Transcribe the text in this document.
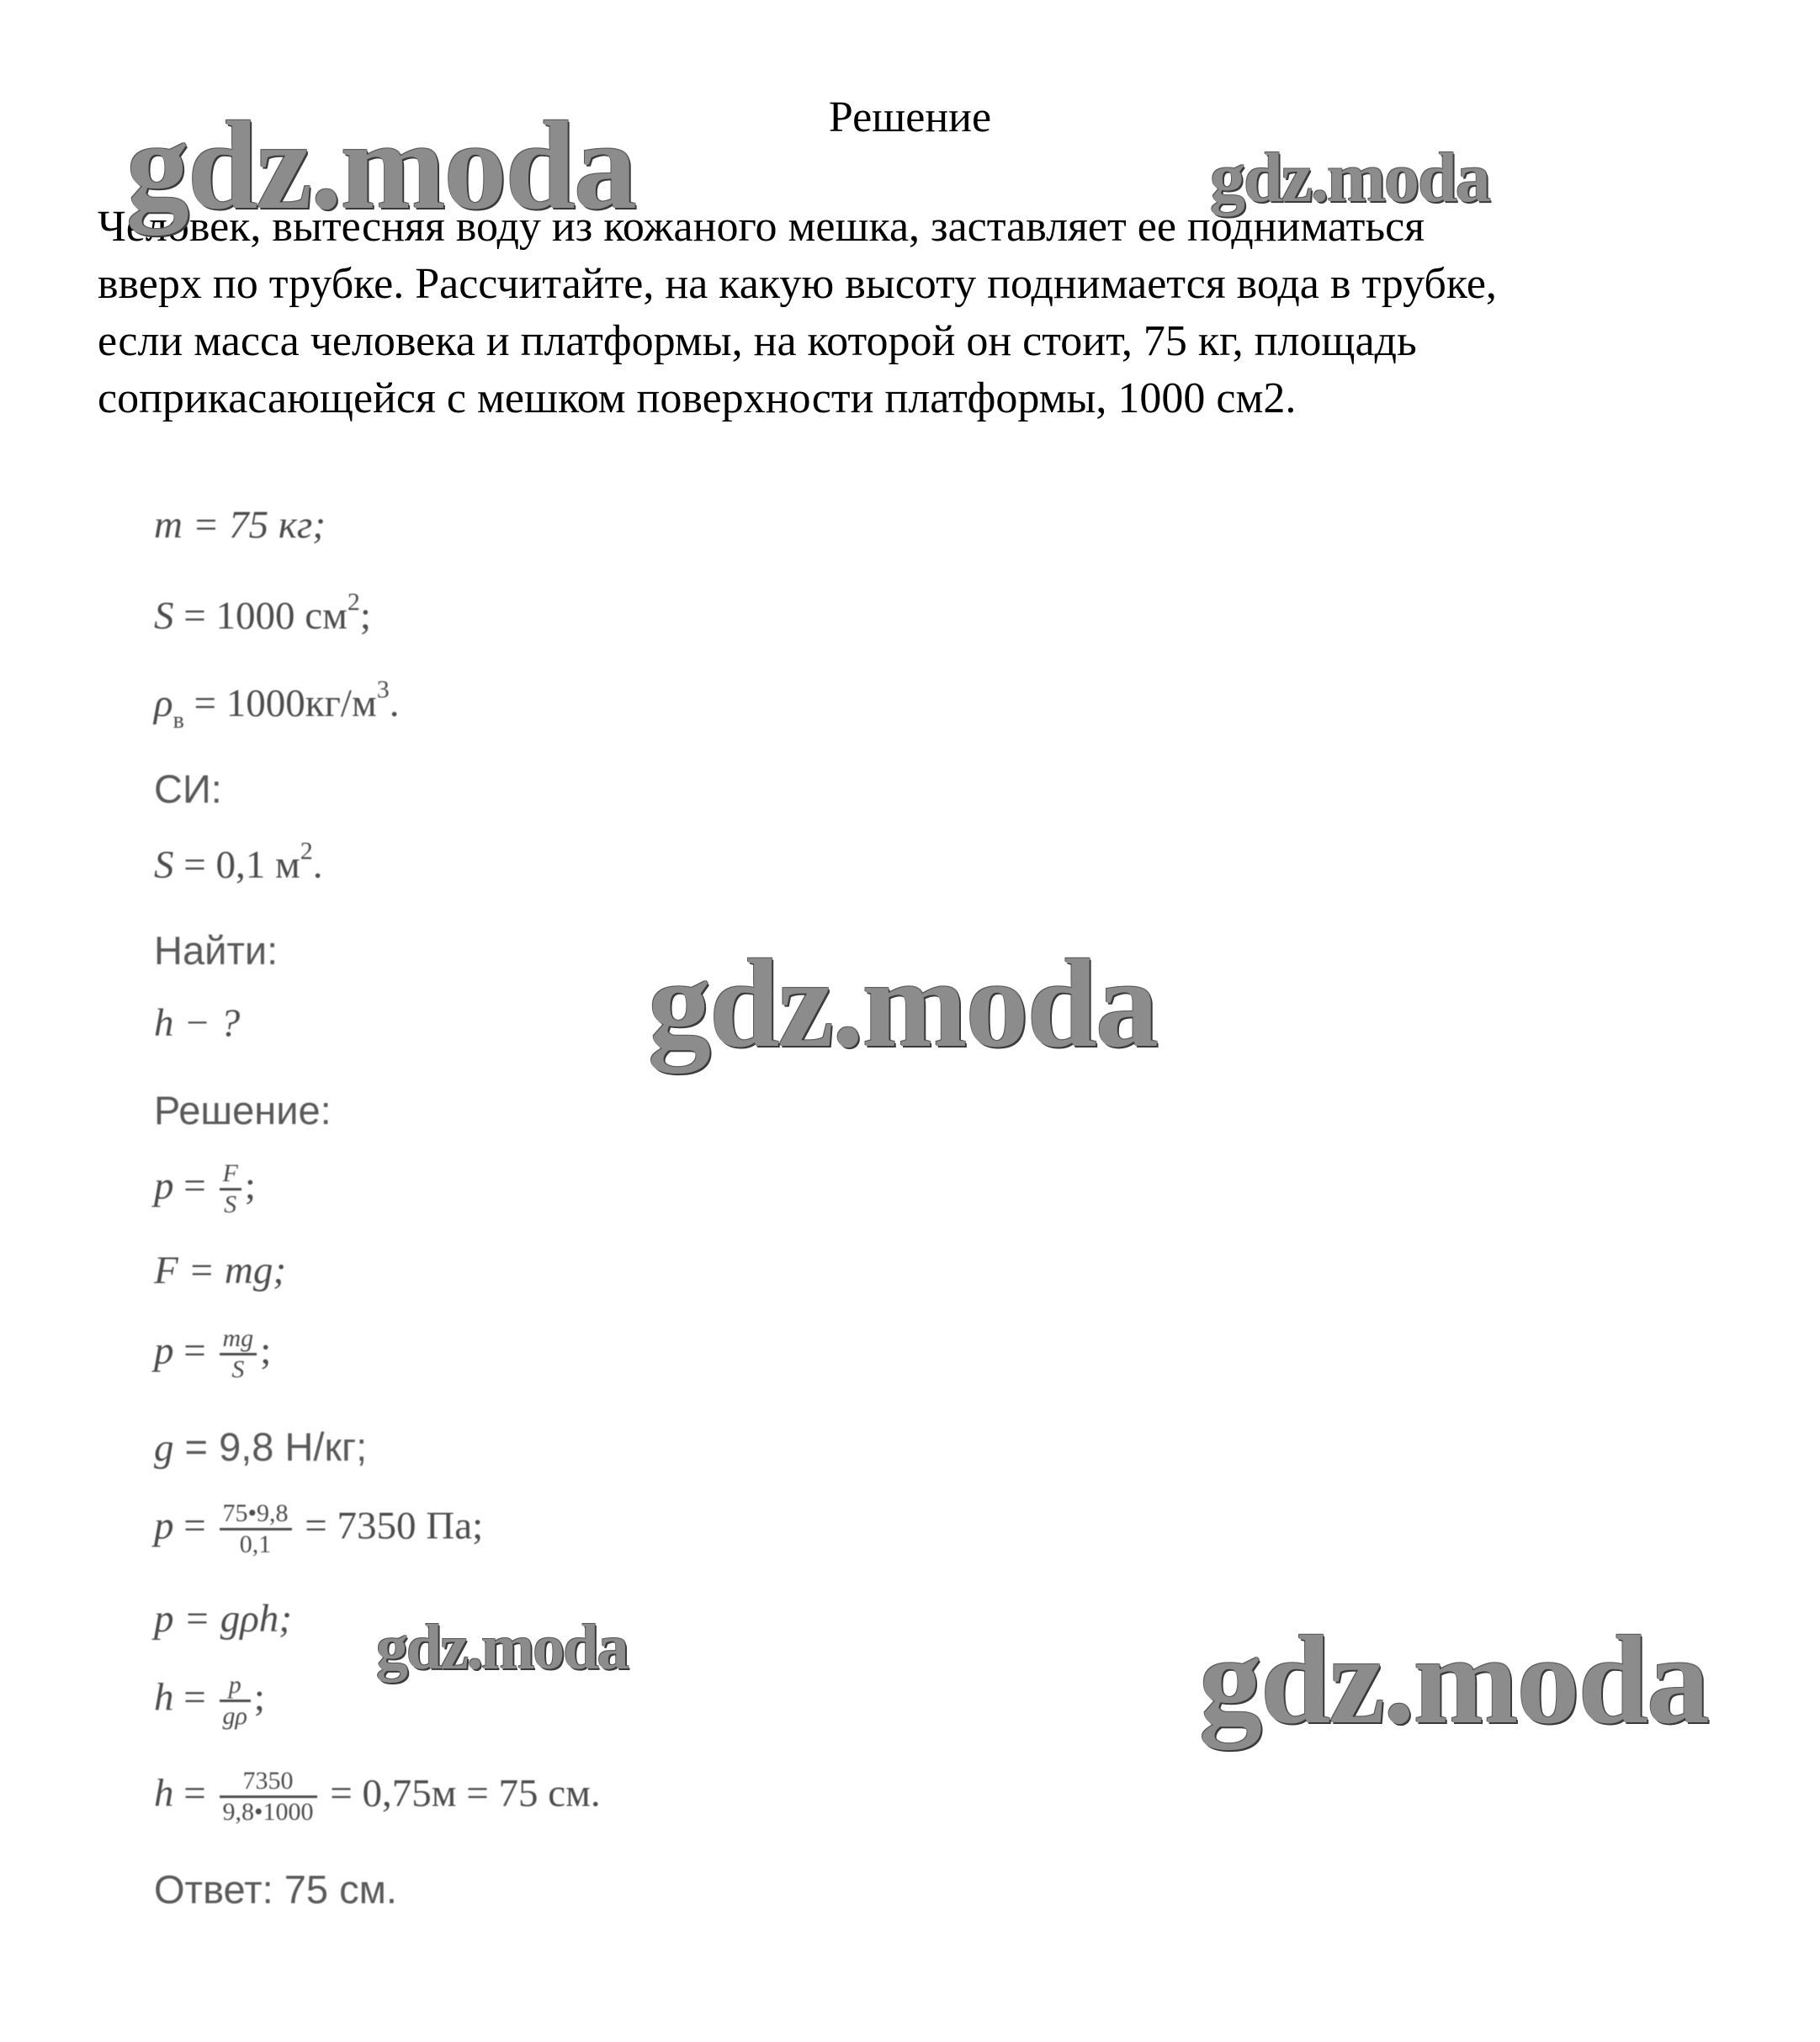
Решение
Человек, вытесняя воду из кожаного мешка, заставляет ее подниматься
вверх по трубке. Рассчитайте, на какую высоту поднимается вода в трубке,
если масса человека и платформы, на которой он стоит, 75 кг, площадь
соприкасающейся с мешком поверхности платформы, 1000 см2.
m = 75 кг;
S = 1000 $см^2$;
$\rho_в = 1000кг/м^3$.
СИ:
S = 0,1 $м^2$.
Найти:
h − ?
Решение:
$p = \frac{F}{S}$ ;
F = mg;
$p = \frac{mg}{S}$ ;
g = 9,8 Н/кг;
$p = \frac{75•9,8}{0,1} = 7350$ Па;
p = gρh;
$h = \frac{p}{g\rho}$ ;
$h = \frac{7350}{9,8•1000} = 0,75м = 75$ см.
Ответ: 75 см.
gdz.moda	gdz.moda
gdz.moda
gdz.moda	gdz.moda
